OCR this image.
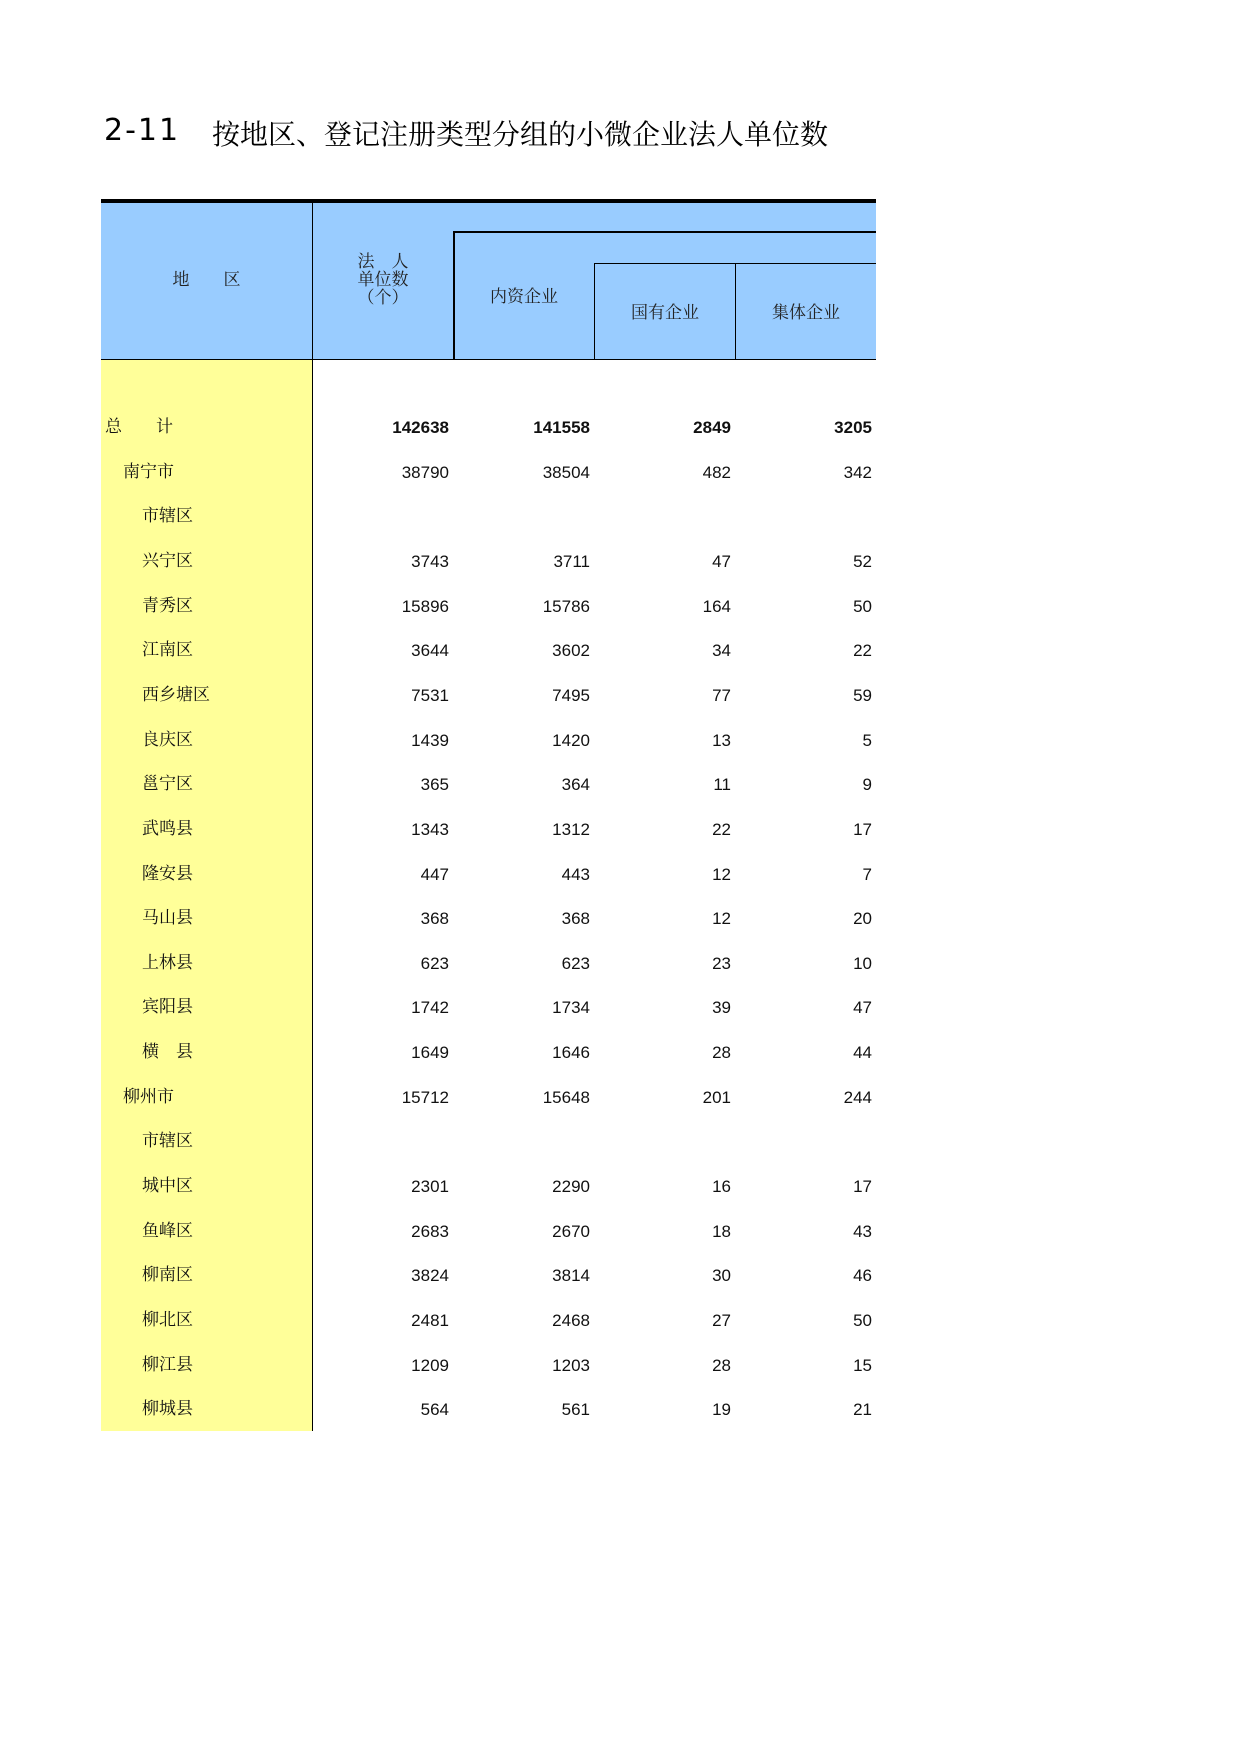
2-11 按地区、登记注册类型分组的小微企业法人单位数
地　　区
法　人
单位数
（个）	内资企业
国有企业	集体企业
总　　计	142638	141558	2849	3205
南宁市	38790	38504	482	342
市辖区
兴宁区	3743	3711	47	52
青秀区	15896	15786	164	50
江南区	3644	3602	34	22
西乡塘区	7531	7495	77	59
良庆区	1439	1420	13	5
邕宁区	365	364	11	9
武鸣县	1343	1312	22	17
隆安县	447	443	12	7
马山县	368	368	12	20
上林县	623	623	23	10
宾阳县	1742	1734	39	47
横　县	1649	1646	28	44
柳州市	15712	15648	201	244
市辖区
城中区	2301	2290	16	17
鱼峰区	2683	2670	18	43
柳南区	3824	3814	30	46
柳北区	2481	2468	27	50
柳江县	1209	1203	28	15
柳城县	564	561	19	21
